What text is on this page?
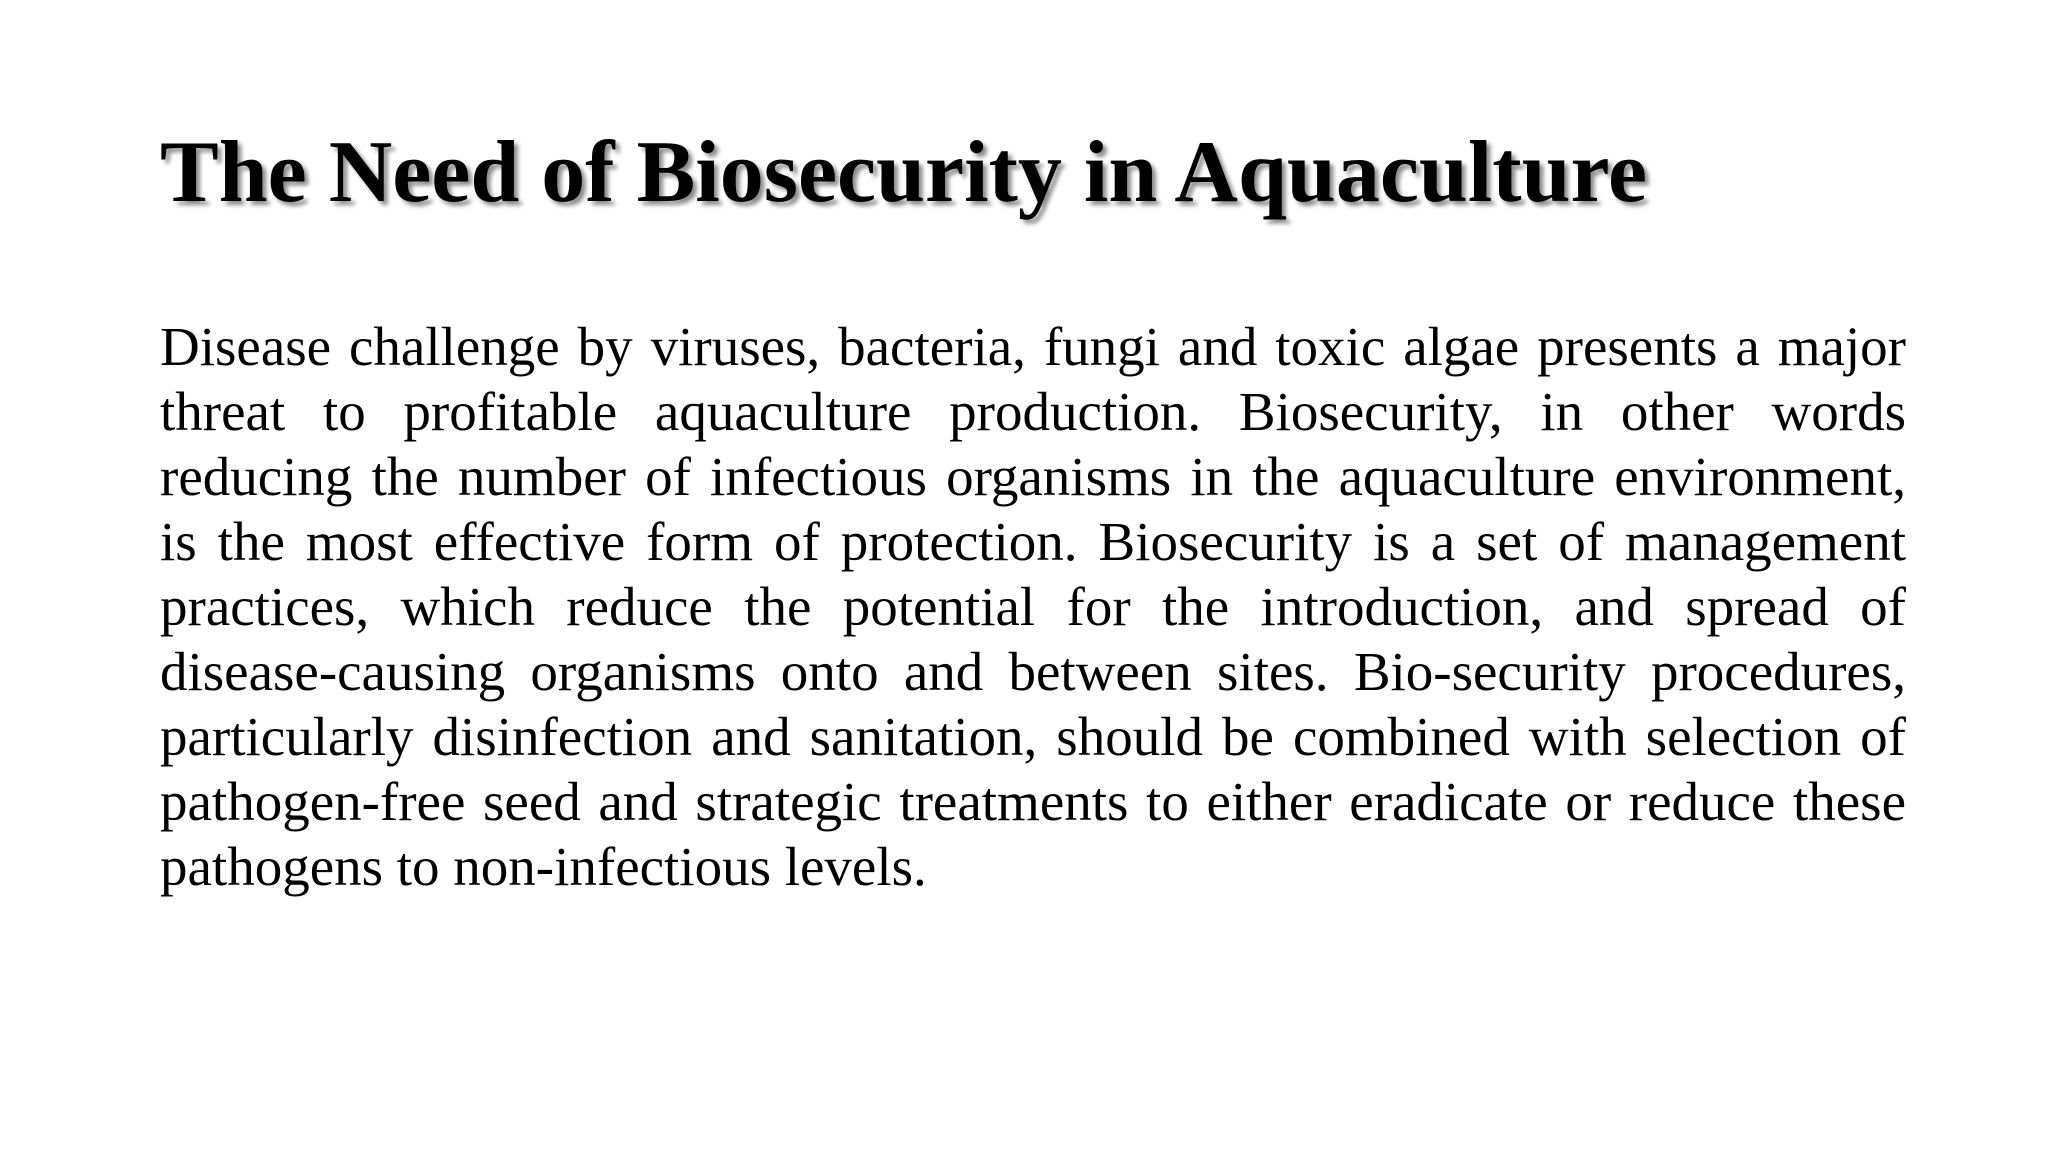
The Need of Biosecurity in Aquaculture

Disease challenge by viruses, bacteria, fungi and toxic algae presents a major threat to profitable aquaculture production. Biosecurity, in other words reducing the number of infectious organisms in the aquaculture environment, is the most effective form of protection. Biosecurity is a set of management practices, which reduce the potential for the introduction, and spread of disease-causing organisms onto and between sites. Bio-security procedures, particularly disinfection and sanitation, should be combined with selection of pathogen-free seed and strategic treatments to either eradicate or reduce these pathogens to non-infectious levels.
